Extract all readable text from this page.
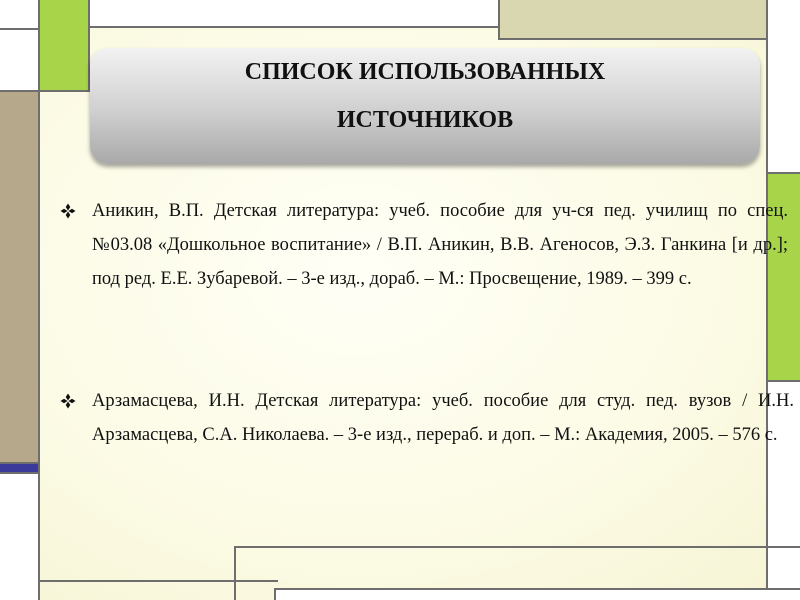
СПИСОК ИСПОЛЬЗОВАННЫХ
ИСТОЧНИКОВ
Аникин, В.П. Детская литература: учеб. пособие для уч-ся пед. училищ по спец. №03.08 «Дошкольное воспитание» / В.П. Аникин, В.В. Агеносов, Э.З. Ганкина [и др.]; под ред. Е.Е. Зубаревой. – 3-е изд., дораб. – М.: Просвещение, 1989. – 399 с.
Арзамасцева, И.Н. Детская литература: учеб. пособие для студ. пед. вузов / И.Н. Арзамасцева, С.А. Николаева. – 3-е изд., перераб. и доп. – М.: Академия, 2005. – 576 с.
